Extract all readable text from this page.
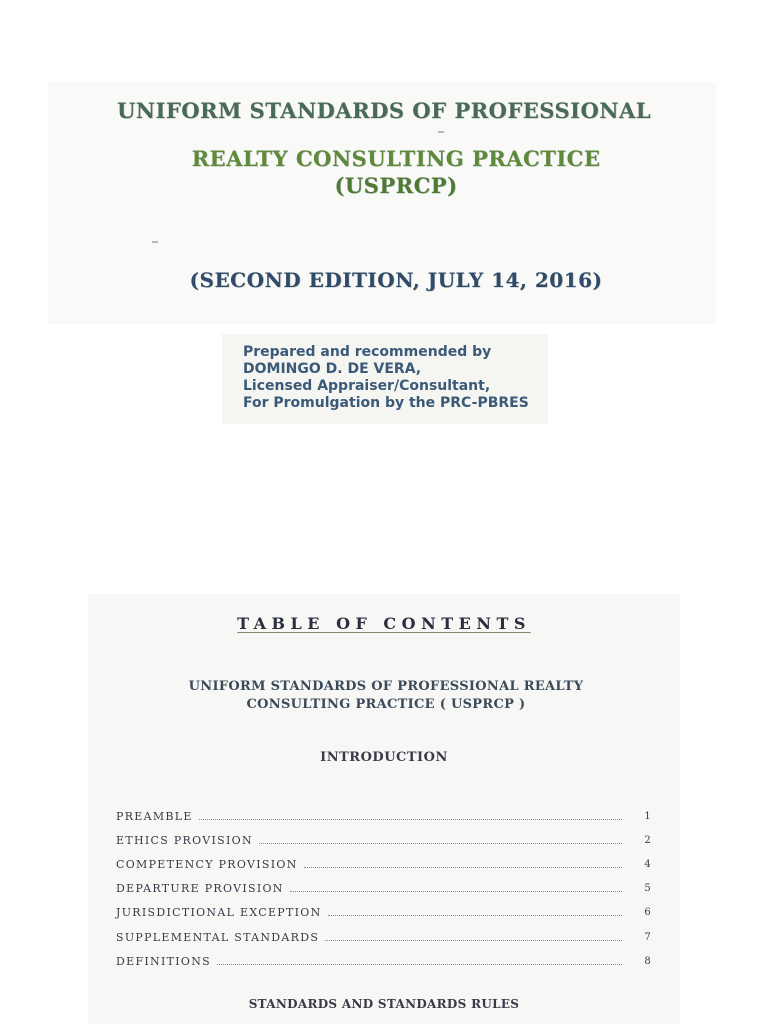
UNIFORM STANDARDS OF PROFESSIONAL
REALTY CONSULTING PRACTICE
(USPRCP)
(SECOND EDITION, JULY 14, 2016)
Prepared and recommended by
DOMINGO D. DE VERA,
Licensed Appraiser/Consultant,
For Promulgation by the PRC-PBRES
TABLE OF CONTENTS
UNIFORM STANDARDS OF PROFESSIONAL REALTY
CONSULTING PRACTICE ( USPRCP )
INTRODUCTION
PREAMBLE	1
ETHICS PROVISION	2
COMPETENCY PROVISION	4
DEPARTURE PROVISION	5
JURISDICTIONAL EXCEPTION	6
SUPPLEMENTAL STANDARDS	7
DEFINITIONS	8
STANDARDS AND STANDARDS RULES
